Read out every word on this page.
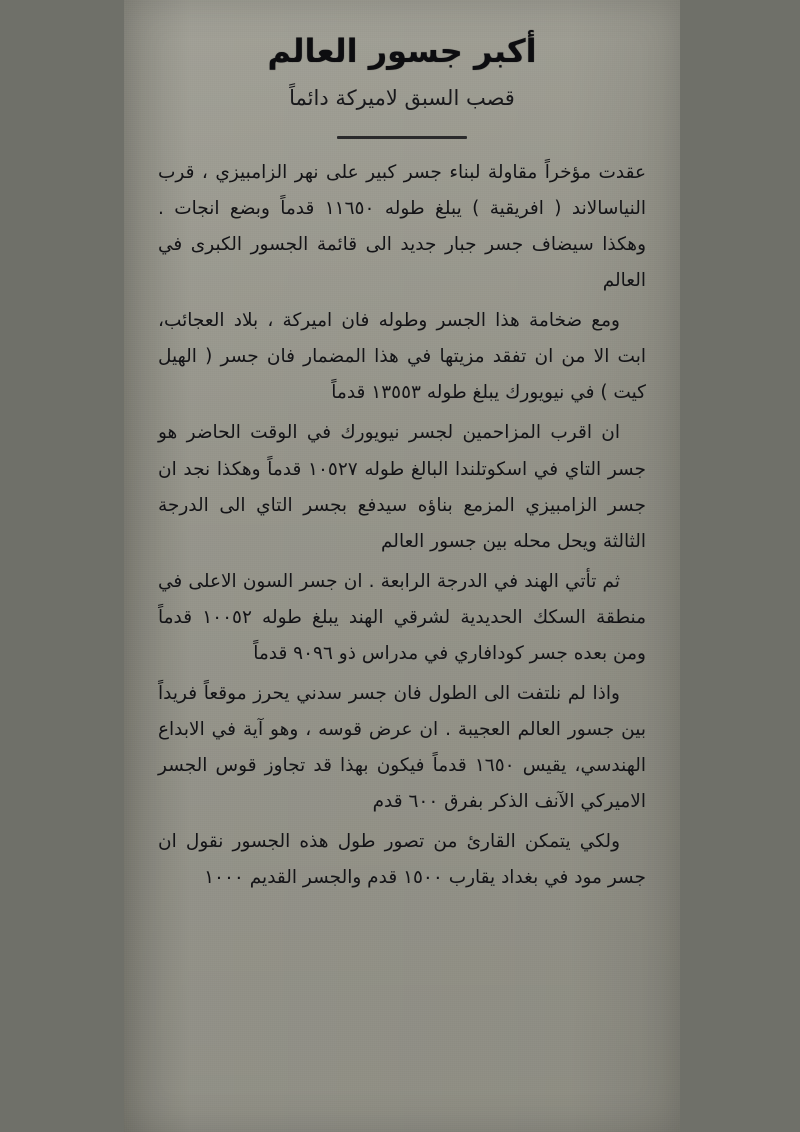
أكبر جسور العالم
قصب السبق لاميركة دائماً

عقدت مؤخراً مقاولة لبناء جسر كبير على نهر الزامبيزي ، قرب النياسالاند ( افريقية ) يبلغ طوله ١١٦٥٠ قدماً وبضع انجات . وهكذا سيضاف جسر جبار جديد الى قائمة الجسور الكبرى في العالم

ومع ضخامة هذا الجسر وطوله فان اميركة ، بلاد العجائب، ابت الا من ان تفقد مزيتها في هذا المضمار فان جسر ( الهيل كيت ) في نيويورك يبلغ طوله ١٣٥٥٣ قدماً

ان اقرب المزاحمين لجسر نيويورك في الوقت الحاضر هو جسر التاي في اسكوتلندا البالغ طوله ١٠٥٢٧ قدماً وهكذا نجد ان جسر الزامبيزي المزمع بناؤه سيدفع بجسر التاي الى الدرجة الثالثة ويحل محله بين جسور العالم

ثم تأتي الهند في الدرجة الرابعة . ان جسر السون الاعلى في منطقة السكك الحديدية لشرقي الهند يبلغ طوله ١٠٠٥٢ قدماً ومن بعده جسر كودافاري في مدراس ذو ٩٠٩٦ قدماً

واذا لم نلتفت الى الطول فان جسر سدني يحرز موقعاً فريداً بين جسور العالم العجيبة . ان عرض قوسه ، وهو آية في الابداع الهندسي، يقيس ١٦٥٠ قدماً فيكون بهذا قد تجاوز قوس الجسر الاميركي الآنف الذكر بفرق ٦٠٠ قدم

ولكي يتمكن القارئ من تصور طول هذه الجسور نقول ان جسر مود في بغداد يقارب ١٥٠٠ قدم والجسر القديم ١٠٠٠
